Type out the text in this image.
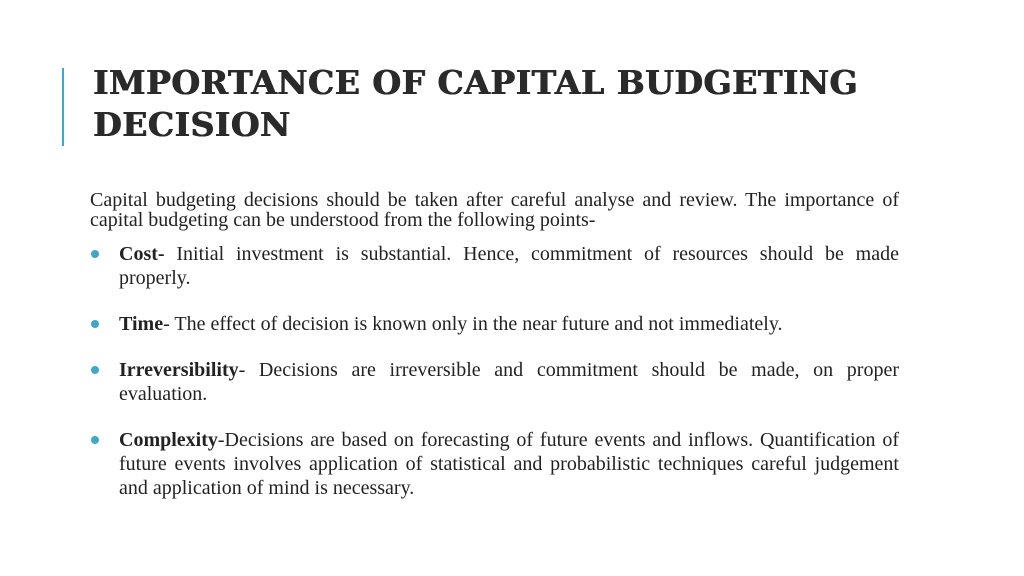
IMPORTANCE OF CAPITAL BUDGETING DECISION

Capital budgeting decisions should be taken after careful analyse and review. The importance of capital budgeting can be understood from the following points-

Cost- Initial investment is substantial. Hence, commitment of resources should be made properly.
Time- The effect of decision is known only in the near future and not immediately.
Irreversibility- Decisions are irreversible and commitment should be made, on proper evaluation.
Complexity-Decisions are based on forecasting of future events and inflows. Quantification of future events involves application of statistical and probabilistic techniques careful judgement and application of mind is necessary.
